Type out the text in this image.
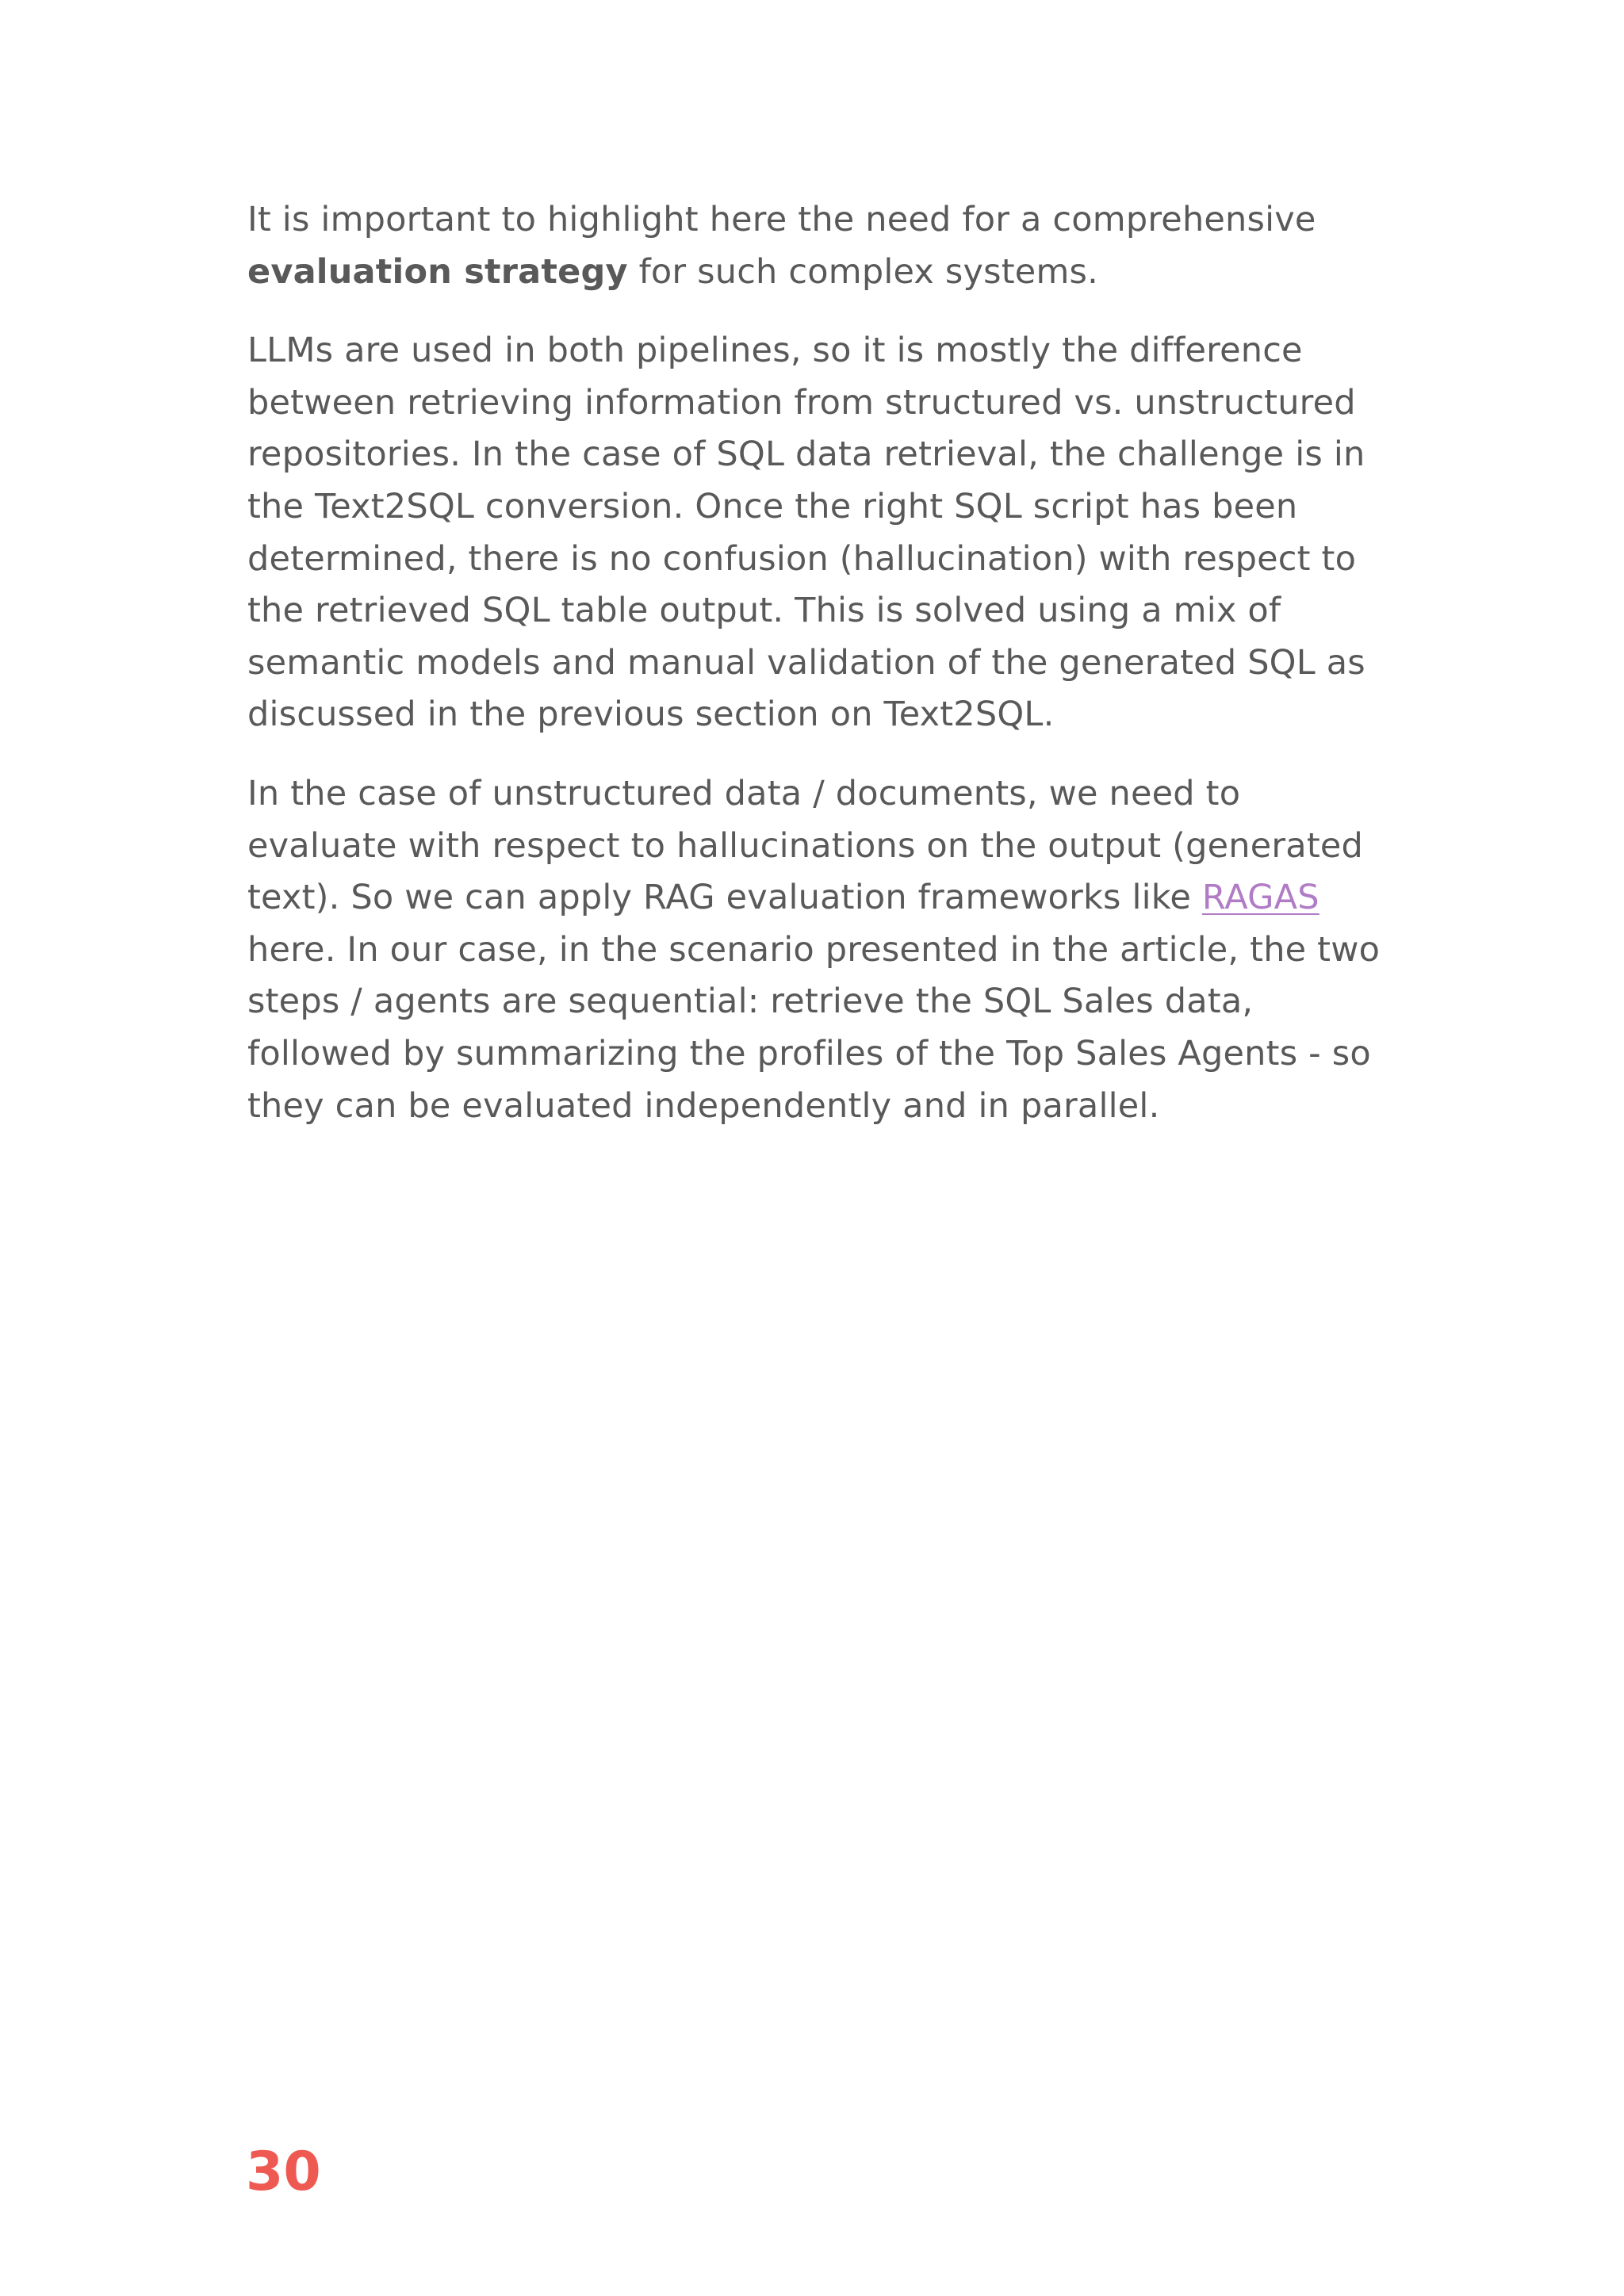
It is important to highlight here the need for a comprehensive evaluation strategy for such complex systems.

LLMs are used in both pipelines, so it is mostly the difference between retrieving information from structured vs. unstructured repositories. In the case of SQL data retrieval, the challenge is in the Text2SQL conversion. Once the right SQL script has been determined, there is no confusion (hallucination) with respect to the retrieved SQL table output. This is solved using a mix of semantic models and manual validation of the generated SQL as discussed in the previous section on Text2SQL.

In the case of unstructured data / documents, we need to evaluate with respect to hallucinations on the output (generated text). So we can apply RAG evaluation frameworks like RAGAS here. In our case, in the scenario presented in the article, the two steps / agents are sequential: retrieve the SQL Sales data, followed by summarizing the profiles of the Top Sales Agents - so they can be evaluated independently and in parallel.

30
